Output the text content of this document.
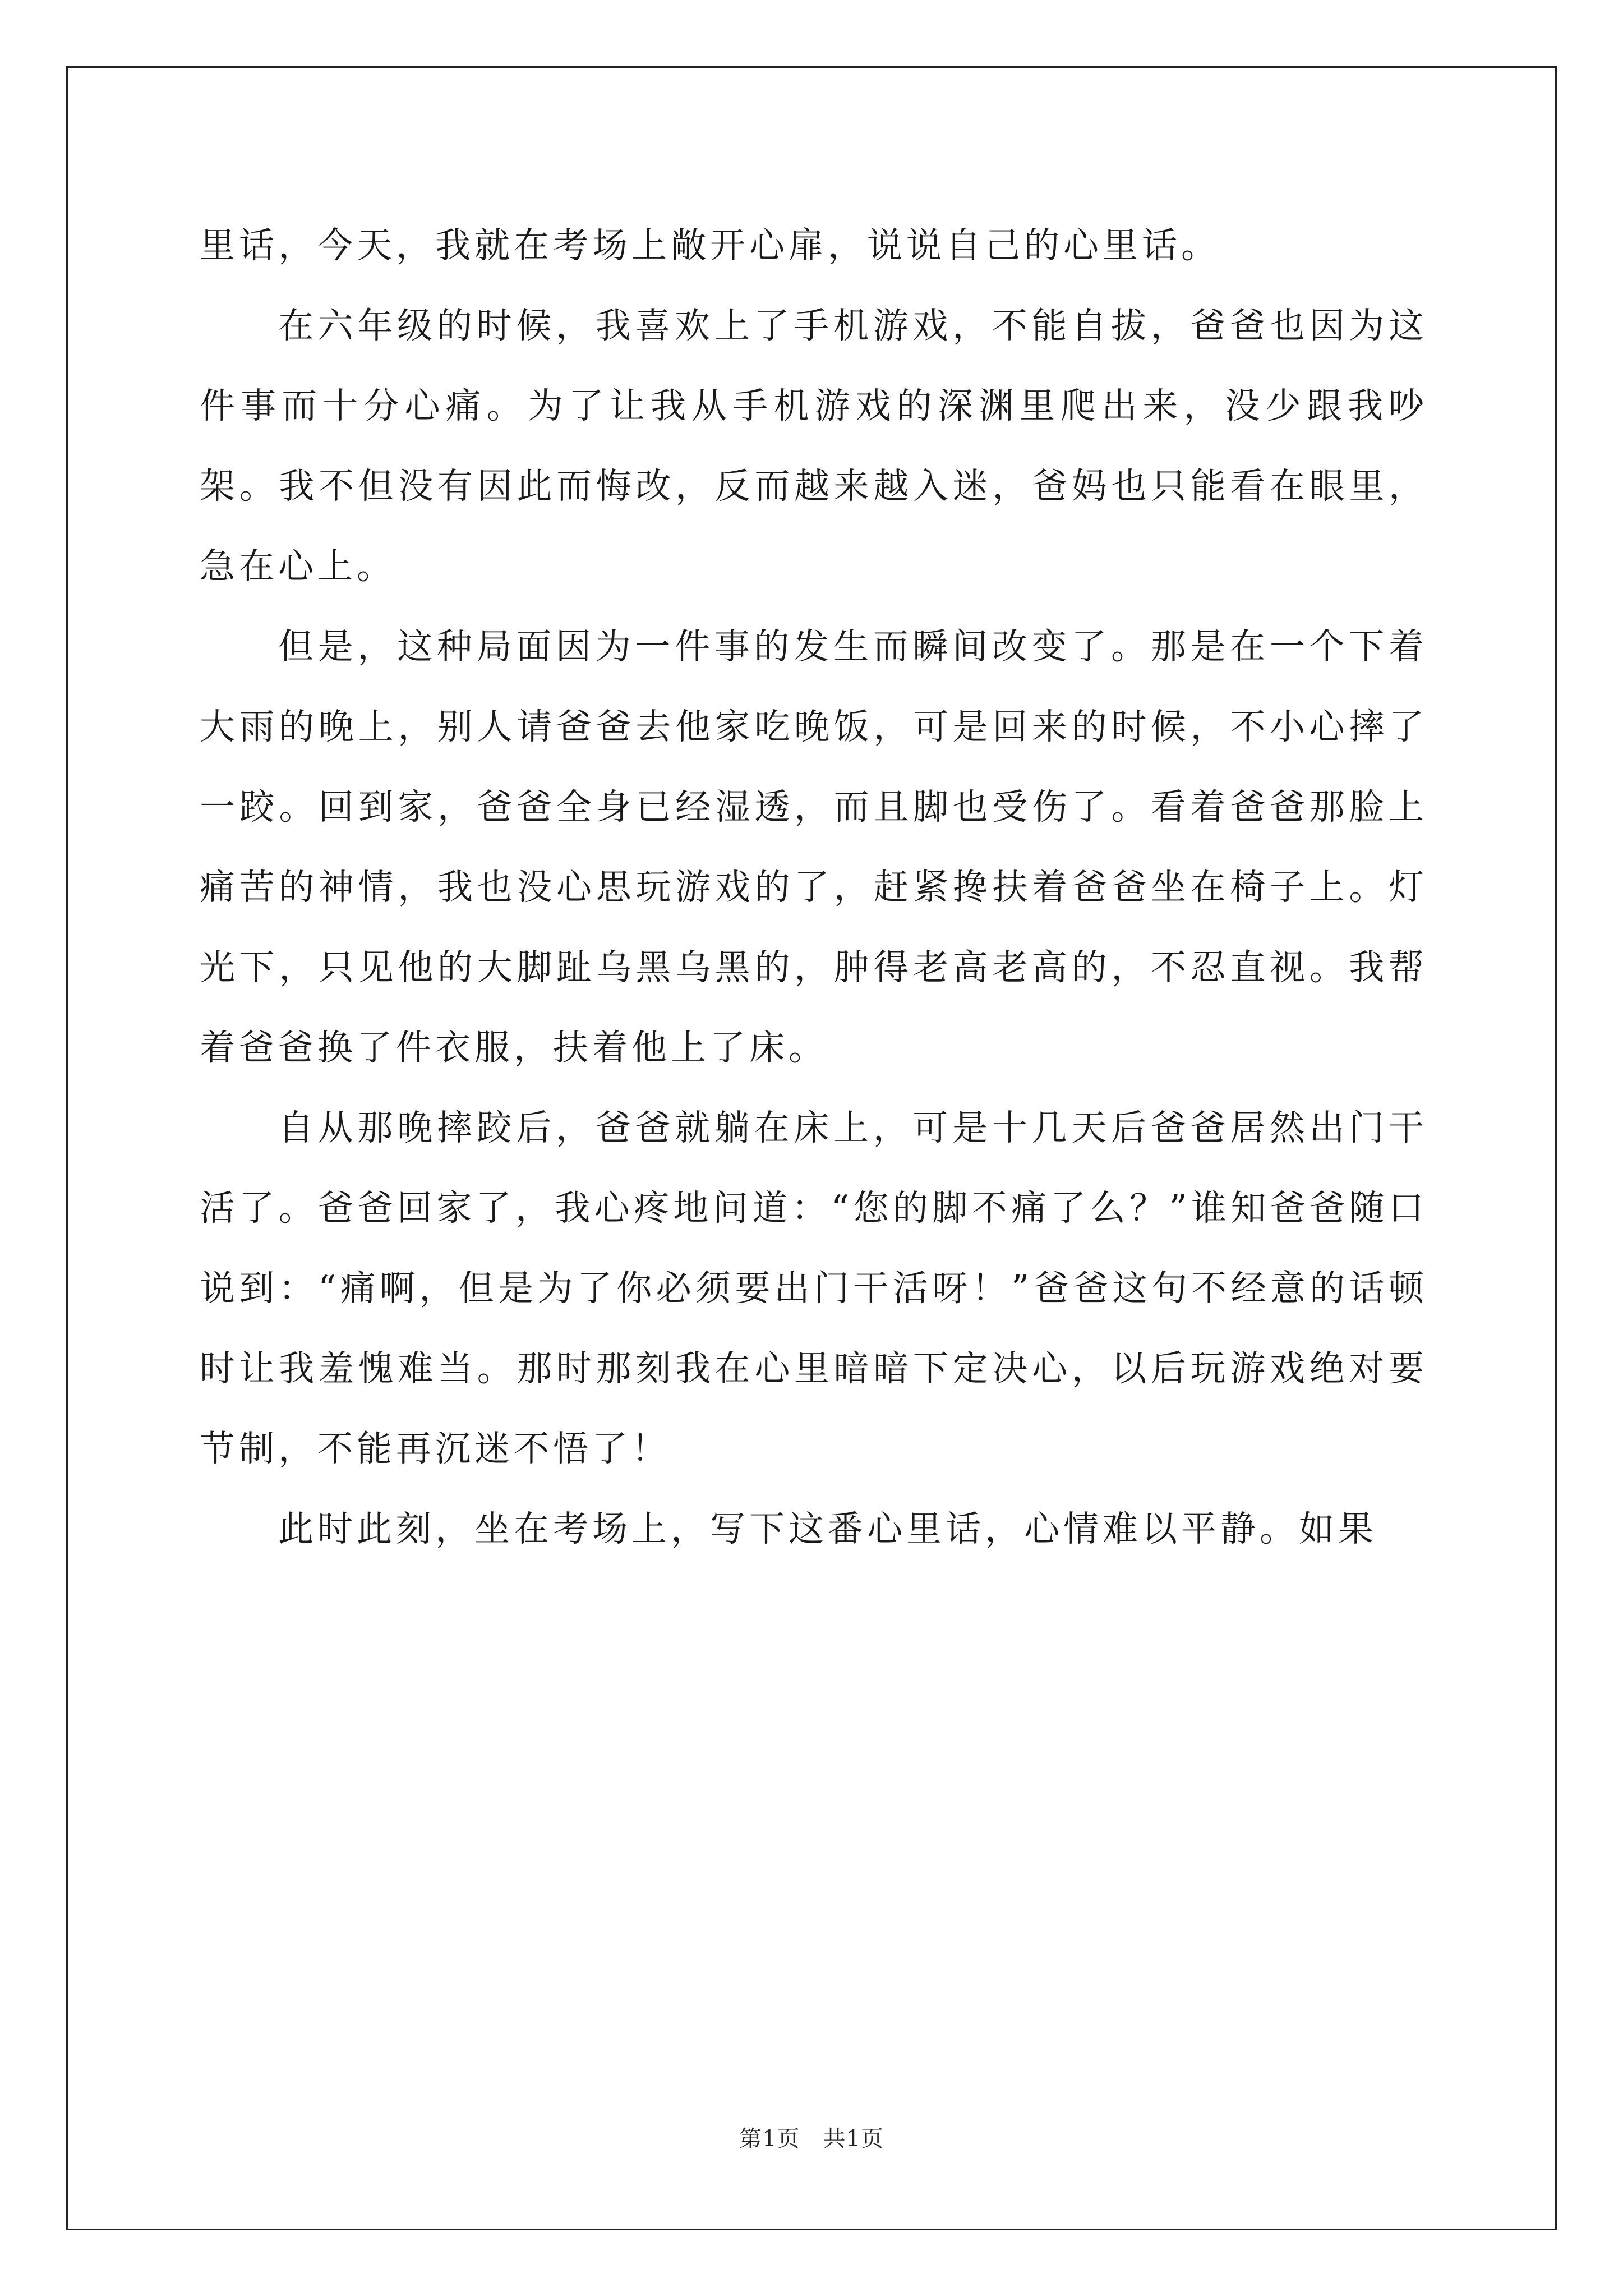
里话，今天，我就在考场上敞开心扉，说说自己的心里话。

在六年级的时候，我喜欢上了手机游戏，不能自拔，爸爸也因为这件事而十分心痛。为了让我从手机游戏的深渊里爬出来，没少跟我吵架。我不但没有因此而悔改，反而越来越入迷，爸妈也只能看在眼里，急在心上。

但是，这种局面因为一件事的发生而瞬间改变了。那是在一个下着大雨的晚上，别人请爸爸去他家吃晚饭，可是回来的时候，不小心摔了一跤。回到家，爸爸全身已经湿透，而且脚也受伤了。看着爸爸那脸上痛苦的神情，我也没心思玩游戏的了，赶紧搀扶着爸爸坐在椅子上。灯光下，只见他的大脚趾乌黑乌黑的，肿得老高老高的，不忍直视。我帮着爸爸换了件衣服，扶着他上了床。

自从那晚摔跤后，爸爸就躺在床上，可是十几天后爸爸居然出门干活了。爸爸回家了，我心疼地问道：“您的脚不痛了么？”谁知爸爸随口说到：“痛啊，但是为了你必须要出门干活呀！”爸爸这句不经意的话顿时让我羞愧难当。那时那刻我在心里暗暗下定决心，以后玩游戏绝对要节制，不能再沉迷不悟了！

此时此刻，坐在考场上，写下这番心里话，心情难以平静。如果

第1页　共1页
